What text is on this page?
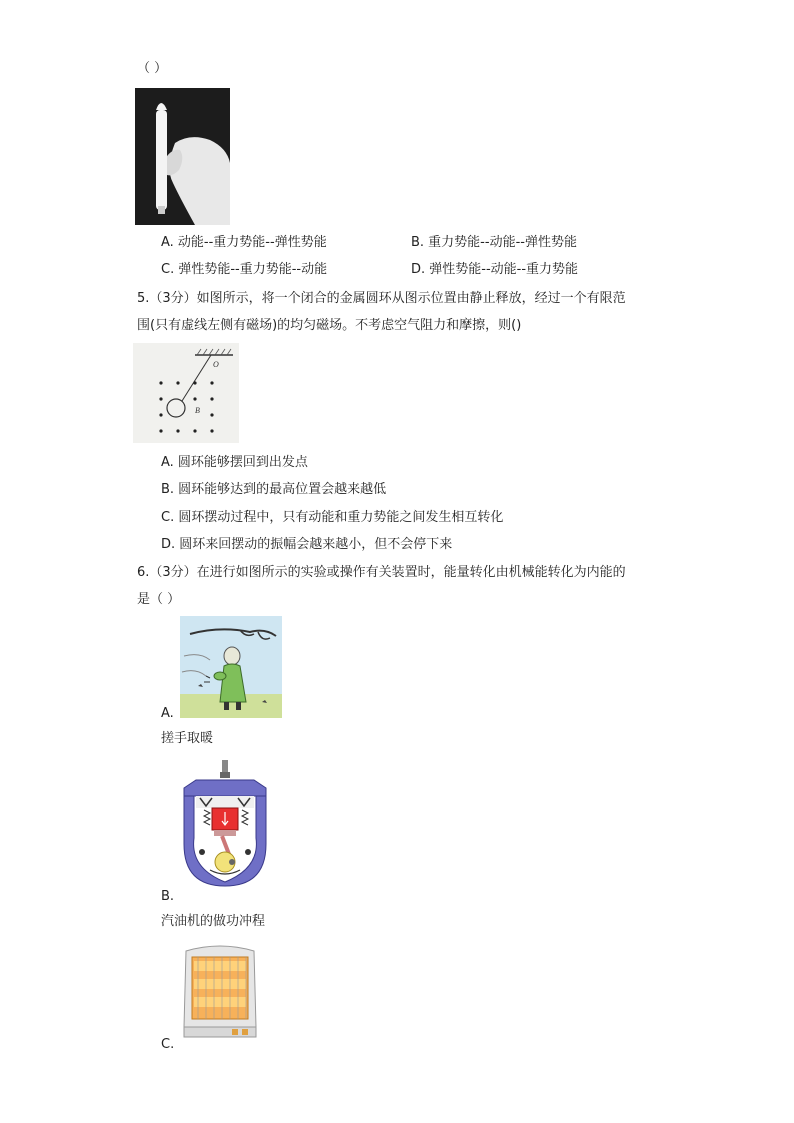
（ ）
A. 动能--重力势能--弹性势能	B. 重力势能--动能--弹性势能
C. 弹性势能--重力势能--动能	D. 弹性势能--动能--重力势能
5.（3分）如图所示，将一个闭合的金属圆环从图示位置由静止释放，经过一个有限范
围(只有虚线左侧有磁场)的均匀磁场。不考虑空气阻力和摩擦，则()
O
B
A. 圆环能够摆回到出发点
B. 圆环能够达到的最高位置会越来越低
C. 圆环摆动过程中，只有动能和重力势能之间发生相互转化
D. 圆环来回摆动的振幅会越来越小，但不会停下来
6.（3分）在进行如图所示的实验或操作有关装置时，能量转化由机械能转化为内能的
是（ ）
A.
搓手取暖
B.
汽油机的做功冲程
C.
